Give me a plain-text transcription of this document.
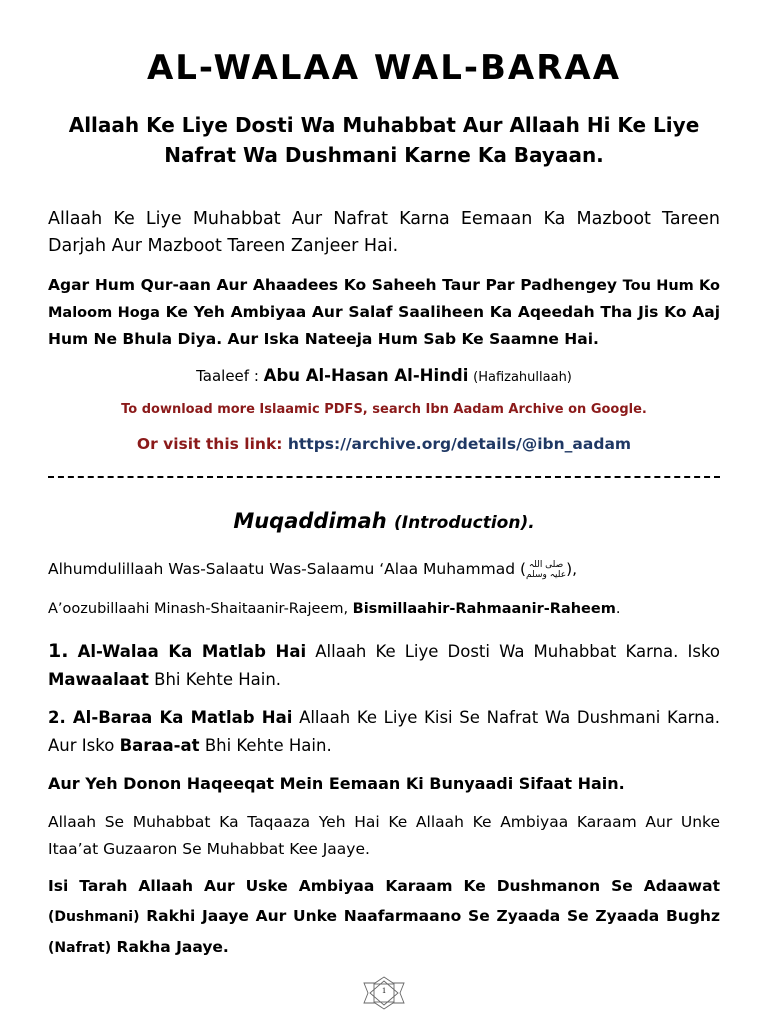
AL-WALAA WAL-BARAA
Allaah Ke Liye Dosti Wa Muhabbat Aur Allaah Hi Ke Liye
Nafrat Wa Dushmani Karne Ka Bayaan.
Allaah Ke Liye Muhabbat Aur Nafrat Karna Eemaan Ka Mazboot Tareen Darjah Aur Mazboot Tareen Zanjeer Hai.
Agar Hum Qur-aan Aur Ahaadees Ko Saheeh Taur Par Padhengey Tou Hum Ko Maloom Hoga Ke Yeh Ambiyaa Aur Salaf Saaliheen Ka Aqeedah Tha Jis Ko Aaj Hum Ne Bhula Diya. Aur Iska Nateeja Hum Sab Ke Saamne Hai.
Taaleef : Abu Al-Hasan Al-Hindi (Hafizahullaah)
To download more Islaamic PDFS, search Ibn Aadam Archive on Google.
Or visit this link: https://archive.org/details/@ibn_aadam
Muqaddimah (Introduction).
Alhumdulillaah Was-Salaatu Was-Salaamu ‘Alaa Muhammad ( صلی اللہ
علیہ وسلم),
A’oozubillaahi Minash-Shaitaanir-Rajeem, Bismillaahir-Rahmaanir-Raheem.
1. Al-Walaa Ka Matlab Hai Allaah Ke Liye Dosti Wa Muhabbat Karna. Isko Mawaalaat Bhi Kehte Hain.
2. Al-Baraa Ka Matlab Hai Allaah Ke Liye Kisi Se Nafrat Wa Dushmani Karna. Aur Isko Baraa-at Bhi Kehte Hain.
Aur Yeh Donon Haqeeqat Mein Eemaan Ki Bunyaadi Sifaat Hain.
Allaah Se Muhabbat Ka Taqaaza Yeh Hai Ke Allaah Ke Ambiyaa Karaam Aur Unke Itaa’at Guzaaron Se Muhabbat Kee Jaaye.
Isi Tarah Allaah Aur Uske Ambiyaa Karaam Ke Dushmanon Se Adaawat (Dushmani) Rakhi Jaaye Aur Unke Naafarmaano Se Zyaada Se Zyaada Bughz (Nafrat) Rakha Jaaye.
1
